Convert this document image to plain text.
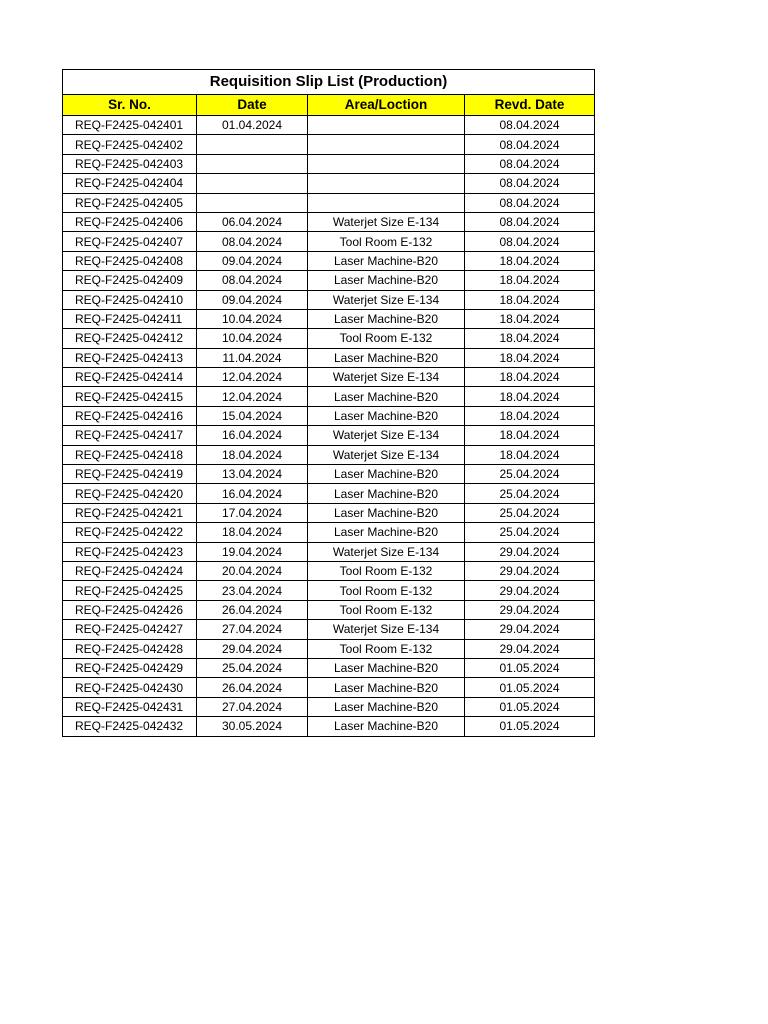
Requisition Slip List (Production)			
Sr. No.	Date	Area/Loction	Revd. Date
REQ-F2425-042401	01.04.2024		08.04.2024
REQ-F2425-042402			08.04.2024
REQ-F2425-042403			08.04.2024
REQ-F2425-042404			08.04.2024
REQ-F2425-042405			08.04.2024
REQ-F2425-042406	06.04.2024	Waterjet Size E-134	08.04.2024
REQ-F2425-042407	08.04.2024	Tool Room E-132	08.04.2024
REQ-F2425-042408	09.04.2024	Laser Machine-B20	18.04.2024
REQ-F2425-042409	08.04.2024	Laser Machine-B20	18.04.2024
REQ-F2425-042410	09.04.2024	Waterjet Size E-134	18.04.2024
REQ-F2425-042411	10.04.2024	Laser Machine-B20	18.04.2024
REQ-F2425-042412	10.04.2024	Tool Room E-132	18.04.2024
REQ-F2425-042413	11.04.2024	Laser Machine-B20	18.04.2024
REQ-F2425-042414	12.04.2024	Waterjet Size E-134	18.04.2024
REQ-F2425-042415	12.04.2024	Laser Machine-B20	18.04.2024
REQ-F2425-042416	15.04.2024	Laser Machine-B20	18.04.2024
REQ-F2425-042417	16.04.2024	Waterjet Size E-134	18.04.2024
REQ-F2425-042418	18.04.2024	Waterjet Size E-134	18.04.2024
REQ-F2425-042419	13.04.2024	Laser Machine-B20	25.04.2024
REQ-F2425-042420	16.04.2024	Laser Machine-B20	25.04.2024
REQ-F2425-042421	17.04.2024	Laser Machine-B20	25.04.2024
REQ-F2425-042422	18.04.2024	Laser Machine-B20	25.04.2024
REQ-F2425-042423	19.04.2024	Waterjet Size E-134	29.04.2024
REQ-F2425-042424	20.04.2024	Tool Room E-132	29.04.2024
REQ-F2425-042425	23.04.2024	Tool Room E-132	29.04.2024
REQ-F2425-042426	26.04.2024	Tool Room E-132	29.04.2024
REQ-F2425-042427	27.04.2024	Waterjet Size E-134	29.04.2024
REQ-F2425-042428	29.04.2024	Tool Room E-132	29.04.2024
REQ-F2425-042429	25.04.2024	Laser Machine-B20	01.05.2024
REQ-F2425-042430	26.04.2024	Laser Machine-B20	01.05.2024
REQ-F2425-042431	27.04.2024	Laser Machine-B20	01.05.2024
REQ-F2425-042432	30.05.2024	Laser Machine-B20	01.05.2024
